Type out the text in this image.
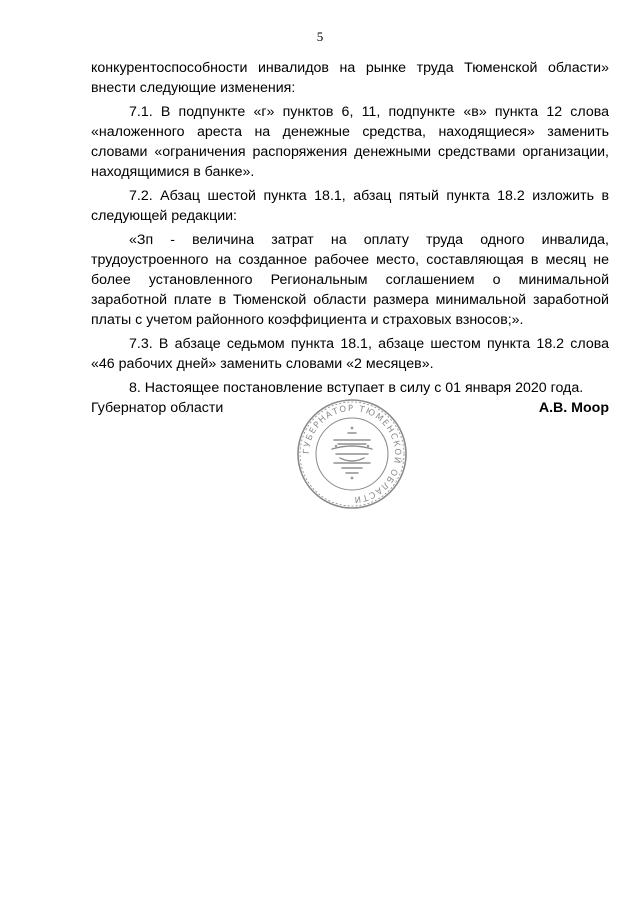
5

конкурентоспособности инвалидов на рынке труда Тюменской области» внести следующие изменения:

7.1. В подпункте «г» пунктов 6, 11, подпункте «в» пункта 12 слова «наложенного ареста на денежные средства, находящиеся» заменить словами «ограничения распоряжения денежными средствами организации, находящимися в банке».

7.2. Абзац шестой пункта 18.1, абзац пятый пункта 18.2 изложить в следующей редакции:

«Зп - величина затрат на оплату труда одного инвалида, трудоустроенного на созданное рабочее место, составляющая в месяц не более установленного Региональным соглашением о минимальной заработной плате в Тюменской области размера минимальной заработной платы с учетом районного коэффициента и страховых взносов;».

7.3. В абзаце седьмом пункта 18.1, абзаце шестом пункта 18.2 слова «46 рабочих дней» заменить словами «2 месяцев».

8. Настоящее постановление вступает в силу с 01 января 2020 года.

Губернатор области	А.В. Моор
ГУБЕРНАТОР ТЮМЕНСКОЙ ОБЛАСТИ
